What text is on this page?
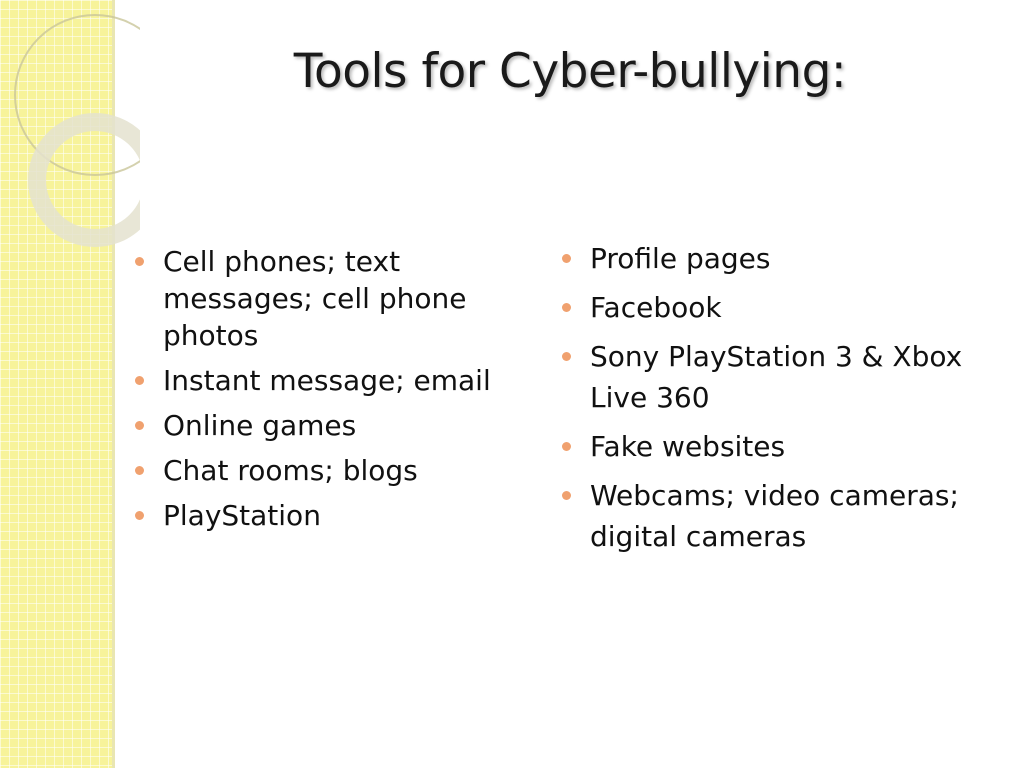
Tools for Cyber-bullying:
Cell phones; text messages; cell phone photos
Instant message; email
Online games
Chat rooms; blogs
PlayStation
Profile pages
Facebook
Sony PlayStation 3 & Xbox Live 360
Fake websites
Webcams; video cameras; digital cameras
